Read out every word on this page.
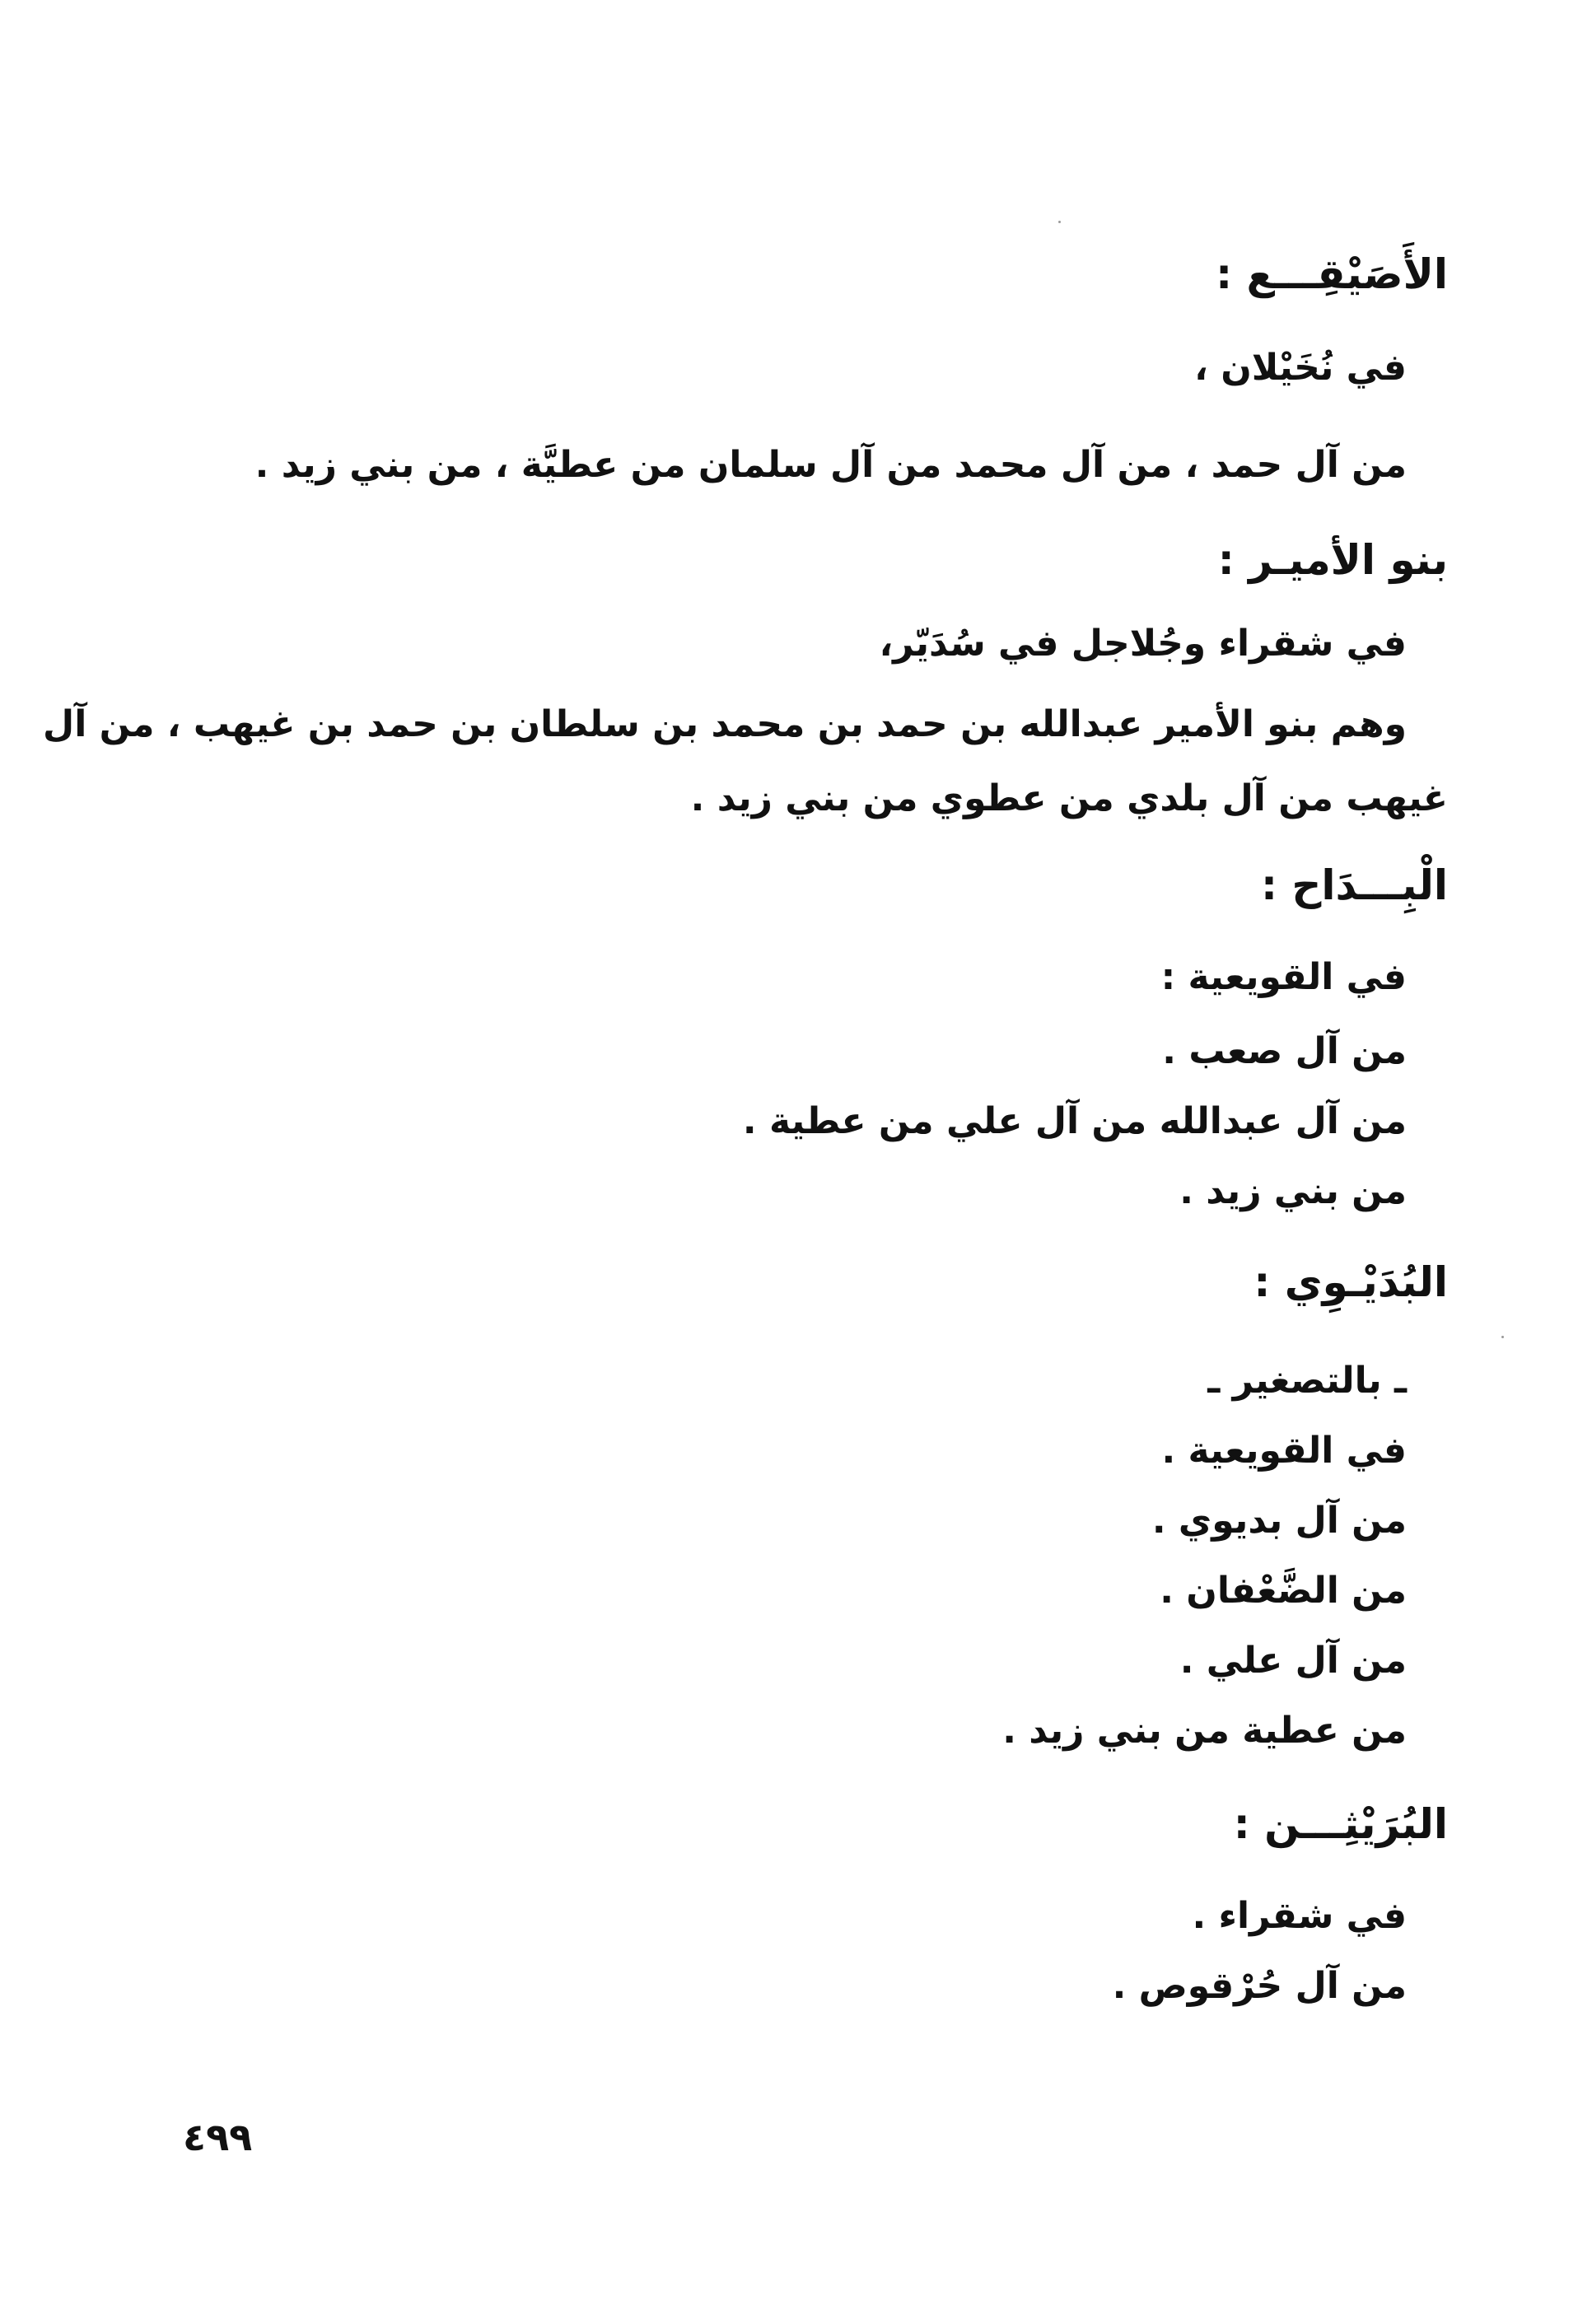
الأَصَيْقِـــع :
في نُخَيْلان ،
من آل حمد ، من آل محمد من آل سلمان من عطيَّة ، من بني زيد .
بنو الأميـر :
في شقراء وجُلاجل في سُدَيّر،
وهم بنو الأمير عبدالله بن حمد بن محمد بن سلطان بن حمد بن غيهب ، من آل
غيهب من آل بلدي من عطوي من بني زيد .
الْبِـــدَاح :
في القويعية :
من آل صعب .
من آل عبدالله من آل علي من عطية .
من بني زيد .
البُدَيْـوِي :
ـ بالتصغير ـ
في القويعية .
من آل بديوي .
من الضَّعْفان .
من آل علي .
من عطية من بني زيد .
البُرَيْثِـــن :
في شقراء .
من آل حُرْقوص .
٤٩٩
